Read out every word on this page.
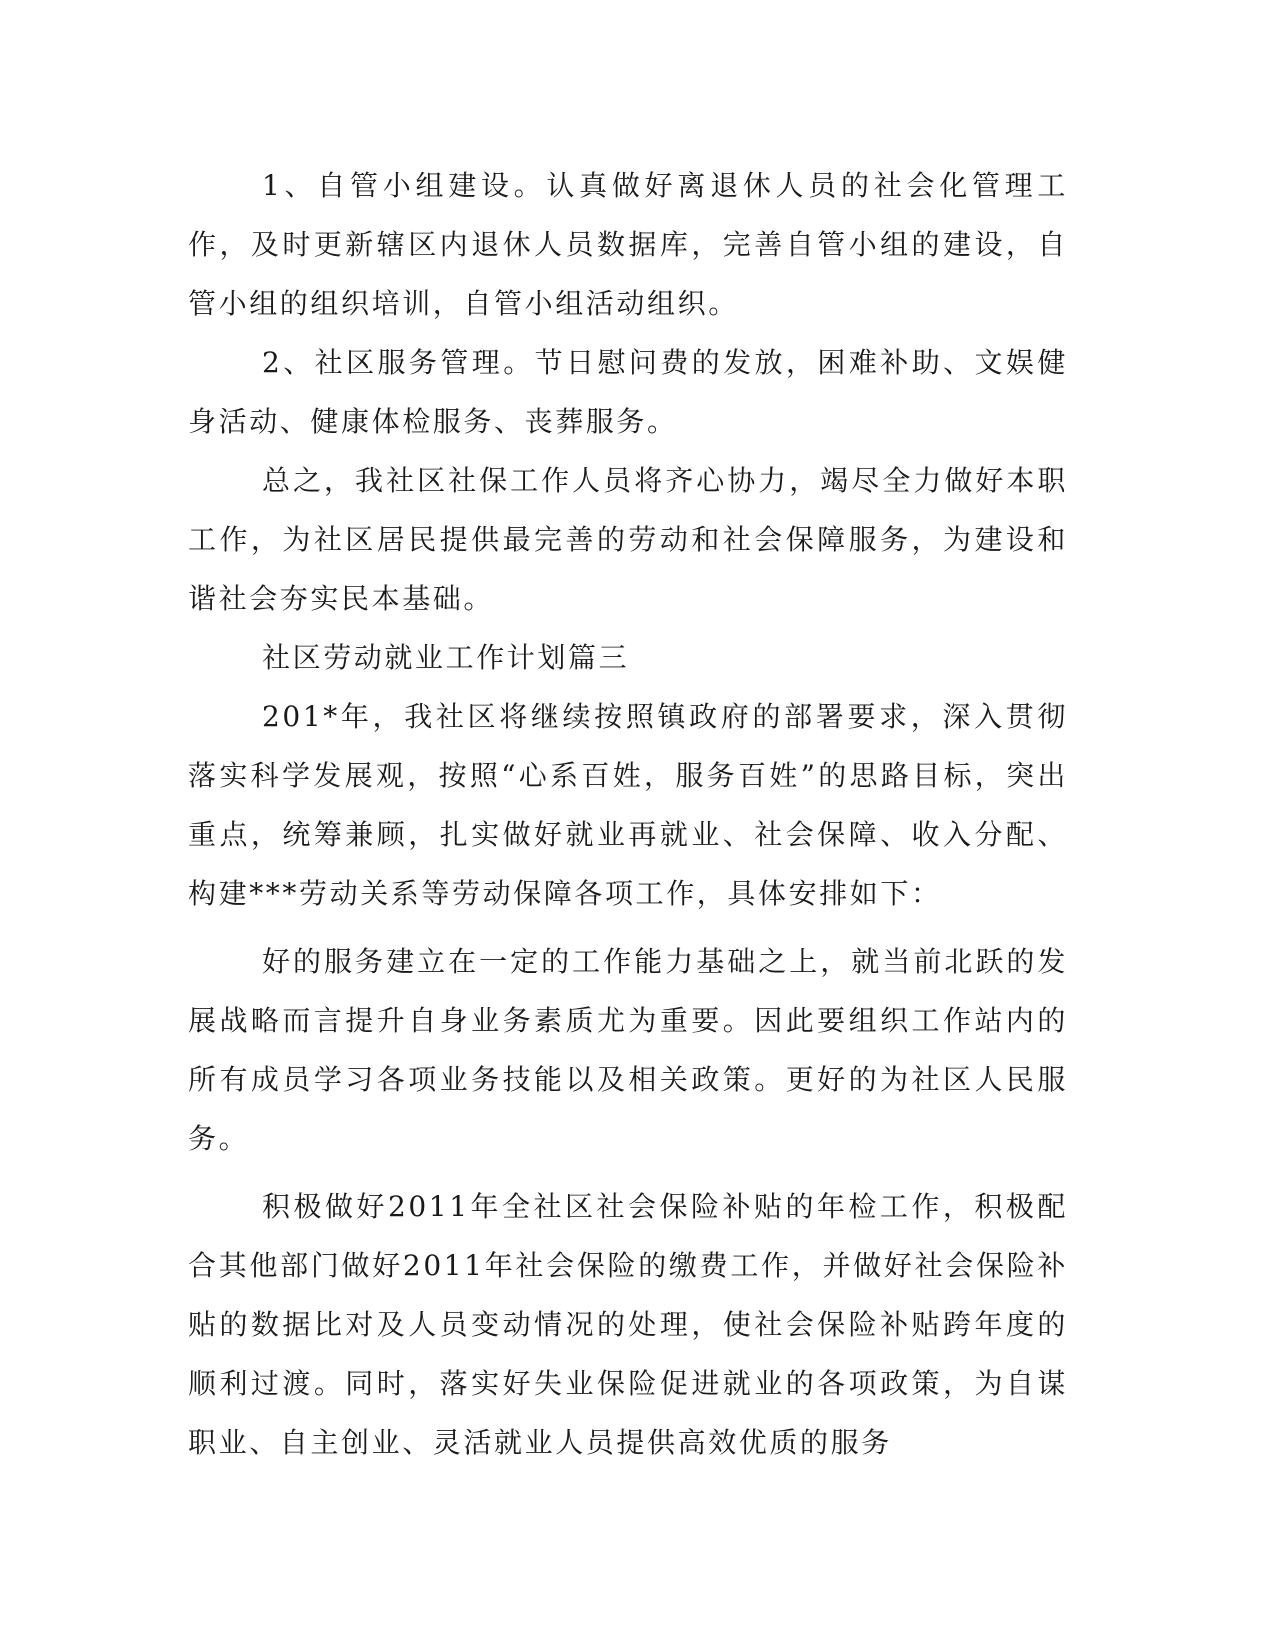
1、自管小组建设。认真做好离退休人员的社会化管理工作，及时更新辖区内退休人员数据库，完善自管小组的建设，自管小组的组织培训，自管小组活动组织。

2、社区服务管理。节日慰问费的发放，困难补助、文娱健身活动、健康体检服务、丧葬服务。

总之，我社区社保工作人员将齐心协力，竭尽全力做好本职工作，为社区居民提供最完善的劳动和社会保障服务，为建设和谐社会夯实民本基础。

社区劳动就业工作计划篇三

201*年，我社区将继续按照镇政府的部署要求，深入贯彻落实科学发展观，按照“心系百姓，服务百姓”的思路目标，突出重点，统筹兼顾，扎实做好就业再就业、社会保障、收入分配、构建***劳动关系等劳动保障各项工作，具体安排如下：

好的服务建立在一定的工作能力基础之上，就当前北跃的发展战略而言提升自身业务素质尤为重要。因此要组织工作站内的所有成员学习各项业务技能以及相关政策。更好的为社区人民服务。

积极做好2011年全社区社会保险补贴的年检工作，积极配合其他部门做好2011年社会保险的缴费工作，并做好社会保险补贴的数据比对及人员变动情况的处理，使社会保险补贴跨年度的顺利过渡。同时，落实好失业保险促进就业的各项政策，为自谋职业、自主创业、灵活就业人员提供高效优质的服务
